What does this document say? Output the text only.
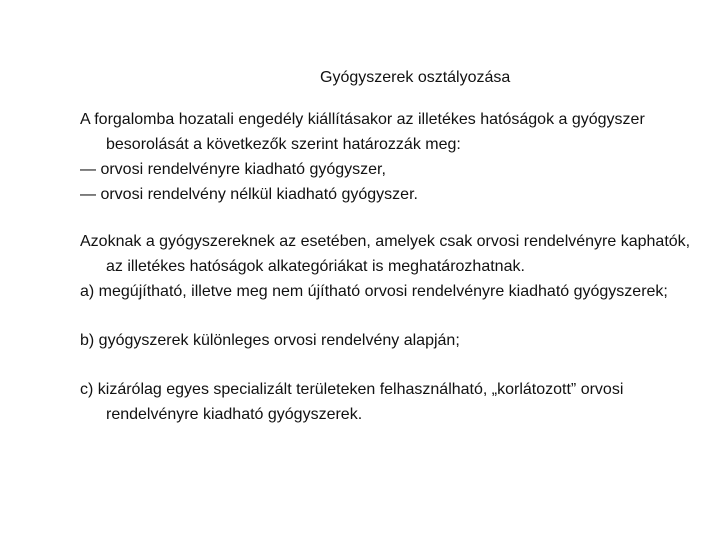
Gyógyszerek osztályozása

A forgalomba hozatali engedély kiállításakor az illetékes hatóságok a gyógyszer besorolását a következők szerint határozzák meg:

— orvosi rendelvényre kiadható gyógyszer,

— orvosi rendelvény nélkül kiadható gyógyszer.

Azoknak a gyógyszereknek az esetében, amelyek csak orvosi rendelvényre kaphatók, az illetékes hatóságok alkategóriákat is meghatározhatnak.

a) megújítható, illetve meg nem újítható orvosi rendelvényre kiadható gyógyszerek;

b) gyógyszerek különleges orvosi rendelvény alapján;

c) kizárólag egyes specializált területeken felhasználható, „korlátozott” orvosi rendelvényre kiadható gyógyszerek.
